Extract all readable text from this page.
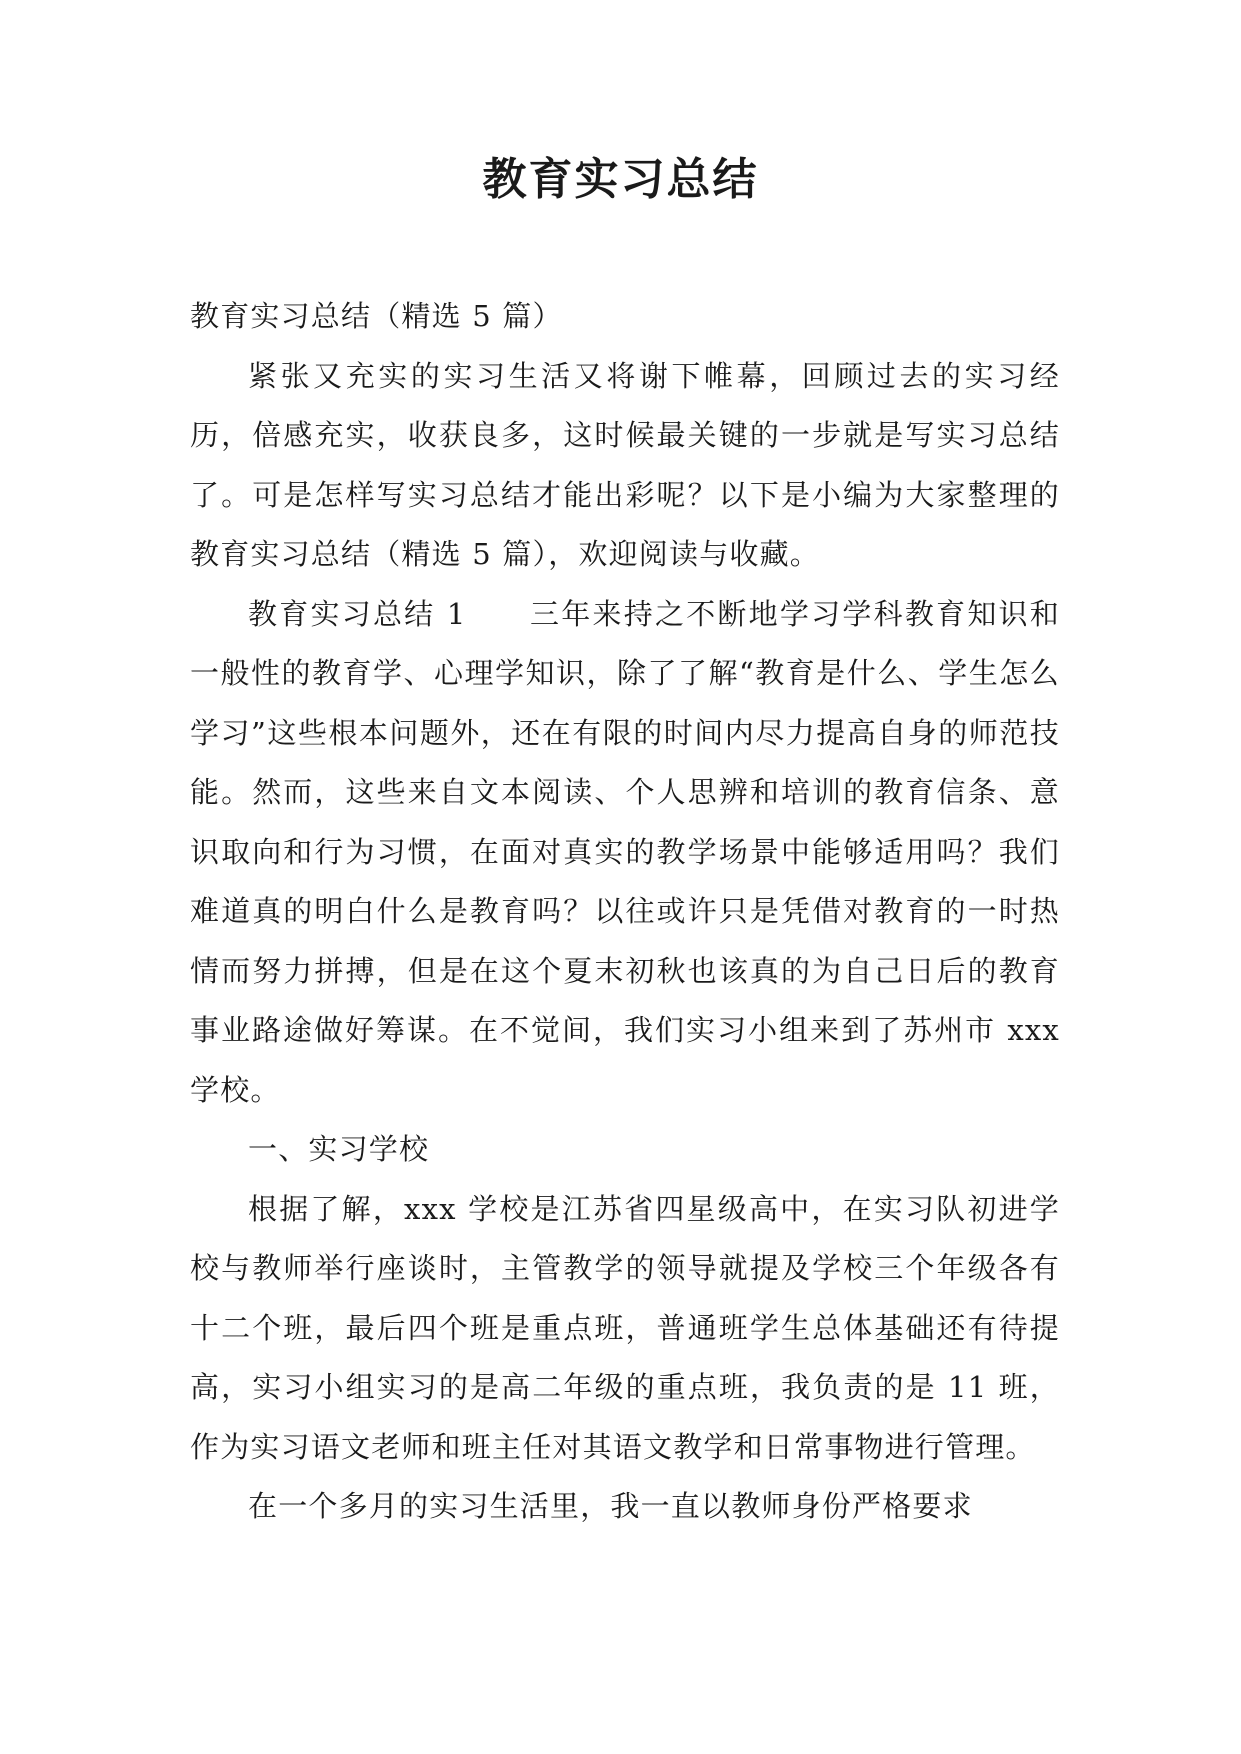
教育实习总结

教育实习总结（精选 5 篇）

紧张又充实的实习生活又将谢下帷幕，回顾过去的实习经历，倍感充实，收获良多，这时候最关键的一步就是写实习总结了。可是怎样写实习总结才能出彩呢？以下是小编为大家整理的教育实习总结（精选 5 篇），欢迎阅读与收藏。

教育实习总结 1　　三年来持之不断地学习学科教育知识和一般性的教育学、心理学知识，除了了解“教育是什么、学生怎么学习”这些根本问题外，还在有限的时间内尽力提高自身的师范技能。然而，这些来自文本阅读、个人思辨和培训的教育信条、意识取向和行为习惯，在面对真实的教学场景中能够适用吗？我们难道真的明白什么是教育吗？以往或许只是凭借对教育的一时热情而努力拼搏，但是在这个夏末初秋也该真的为自己日后的教育事业路途做好筹谋。在不觉间，我们实习小组来到了苏州市 xxx 学校。

一、实习学校

根据了解，xxx 学校是江苏省四星级高中，在实习队初进学校与教师举行座谈时，主管教学的领导就提及学校三个年级各有十二个班，最后四个班是重点班，普通班学生总体基础还有待提高，实习小组实习的是高二年级的重点班，我负责的是 11 班，作为实习语文老师和班主任对其语文教学和日常事物进行管理。

在一个多月的实习生活里，我一直以教师身份严格要求
